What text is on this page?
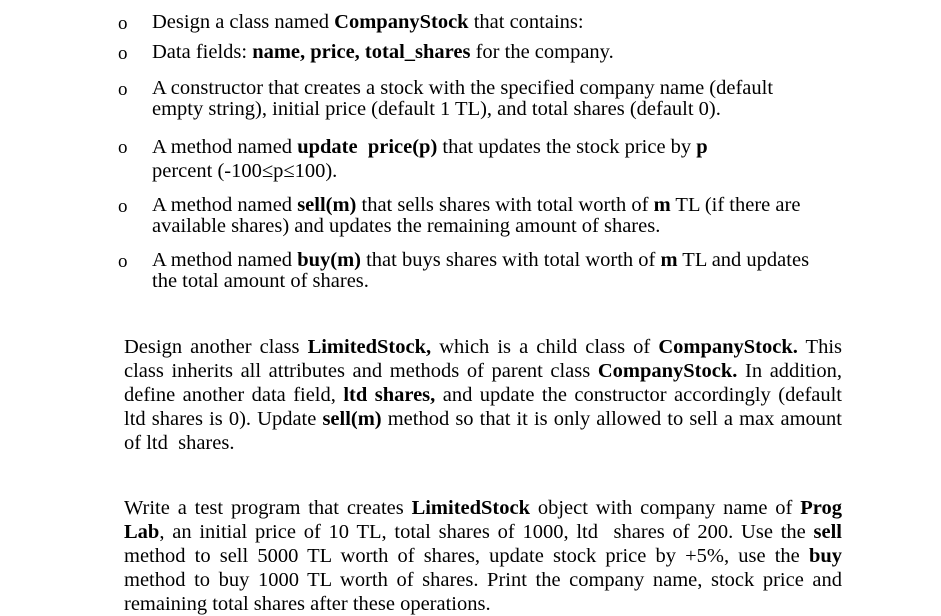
o Design a class named CompanyStock that contains:
o Data fields: name, price, total_shares for the company.
o A constructor that creates a stock with the specified company name (default
empty string), initial price (default 1 TL), and total shares (default 0).
o A method named update  price(p) that updates the stock price by p
percent (-100≤p≤100).
o A method named sell(m) that sells shares with total worth of m TL (if there are
available shares) and updates the remaining amount of shares.
o A method named buy(m) that buys shares with total worth of m TL and updates
the total amount of shares.
Design another class LimitedStock, which is a child class of CompanyStock. This class inherits all attributes and methods of parent class CompanyStock. In addition, define another data field, ltd shares, and update the constructor accordingly (default ltd shares is 0). Update sell(m) method so that it is only allowed to sell a max amount of ltd  shares.
Write a test program that creates LimitedStock object with company name of Prog Lab, an initial price of 10 TL, total shares of 1000, ltd  shares of 200. Use the sell method to sell 5000 TL worth of shares, update stock price by +5%, use the buy method to buy 1000 TL worth of shares. Print the company name, stock price and remaining total shares after these operations.
